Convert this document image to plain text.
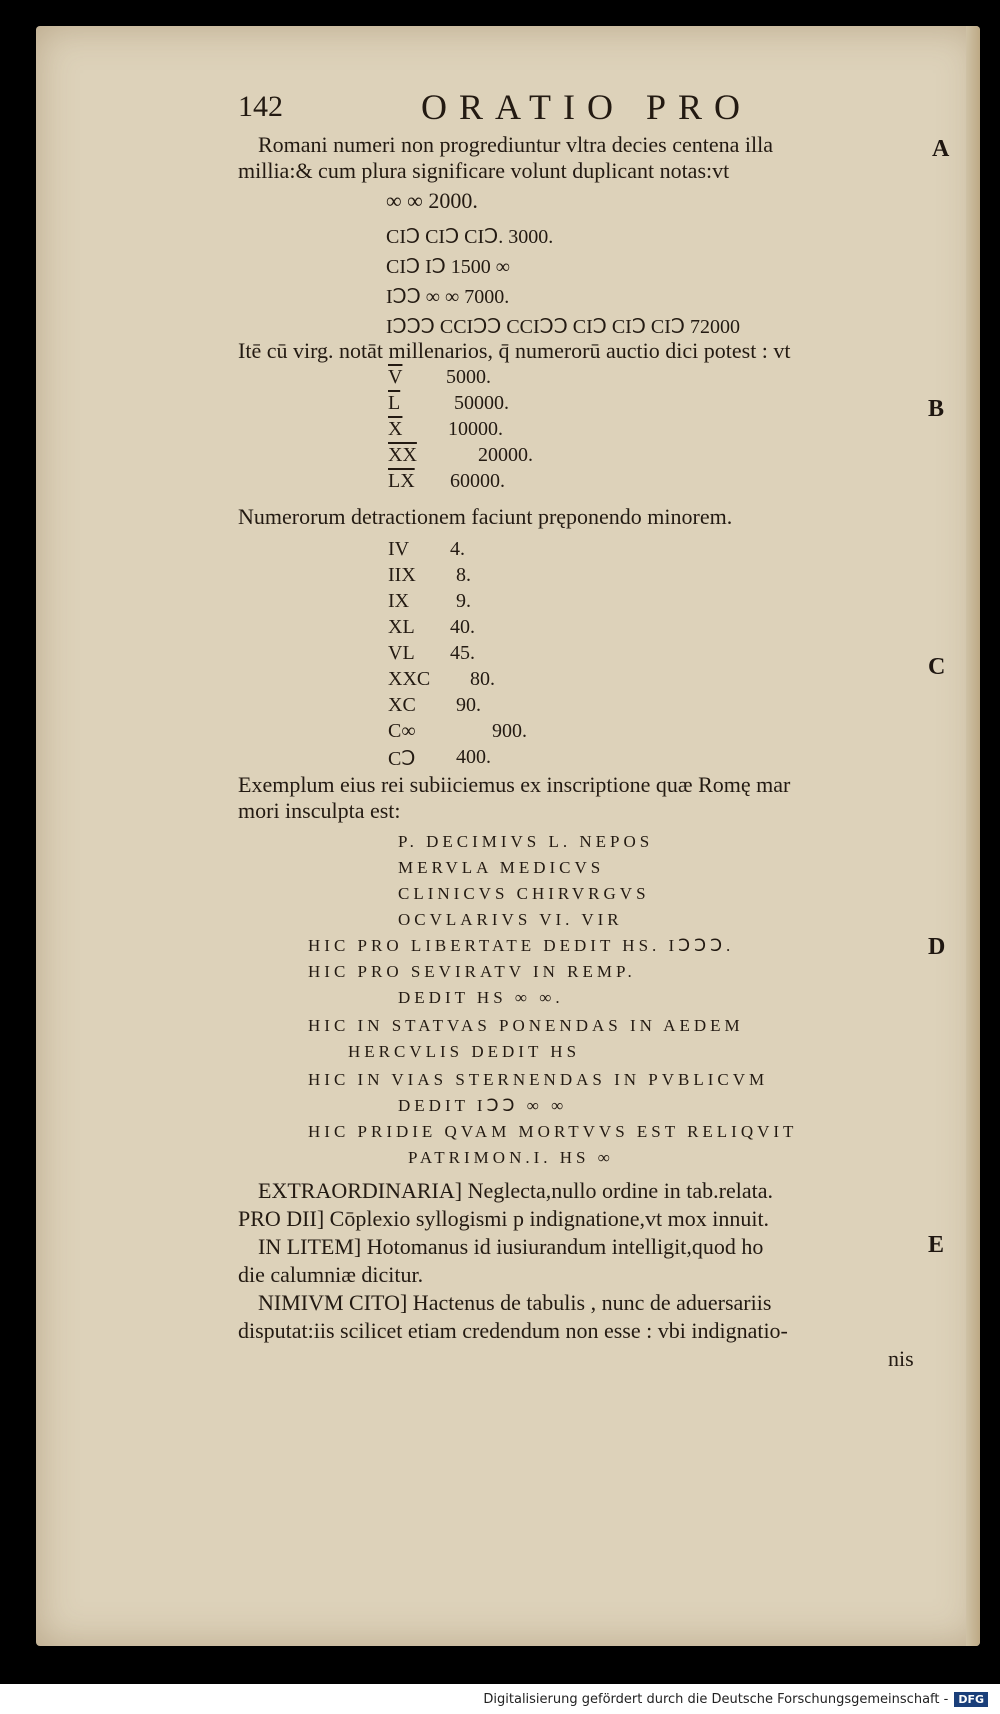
142	ORATIO PRO
Romani numeri non progrediuntur vltra decies centena illa
millia:& cum plura significare volunt duplicant notas:vt
∞ ∞ 2000.
CIↃ CIↃ CIↃ. 3000.
CIↃ IↃ 1500 ∞
IↃↃ ∞ ∞ 7000.
IↃↃↃ CCIↃↃ CCIↃↃ CIↃ CIↃ CIↃ 72000
Itē cū virg. notāt millenarios, q̄ numerorū auctio dici potest : vt
$\overline{V}$ 5000.
$\overline{L}$	50000.
$\overline{X}$ 10000.
$\overline{XX}$	20000.
$\overline{LX}$ 60000.
Numerorum detractionem faciunt pręponendo minorem.
IV 4.
IIX 8.
IX 9.
XL 40.
VL 45.
XXC 80.
XC 90.
C∞	900.
CↃ 400.
Exemplum eius rei subiiciemus ex inscriptione quæ Romę mar
mori insculpta est:
P. DECIMIVS L. NEPOS
MERVLA MEDICVS
CLINICVS CHIRVRGVS
OCVLARIVS VI. VIR
HIC PRO LIBERTATE DEDIT HS. IↃↃↃ.
HIC PRO SEVIRATV IN REMP.
DEDIT HS ∞ ∞.
HIC IN STATVAS PONENDAS IN AEDEM
HERCVLIS DEDIT HS
HIC IN VIAS STERNENDAS IN PVBLICVM
DEDIT IↃↃ ∞ ∞
HIC PRIDIE QVAM MORTVVS EST RELIQVIT
PATRIMON.I. HS ∞
EXTRAORDINARIA] Neglecta,nullo ordine in tab.relata.
PRO DII] Cōplexio syllogismi p indignatione,vt mox innuit.
IN LITEM] Hotomanus id iusiurandum intelligit,quod ho
die calumniæ dicitur.
NIMIVM CITO] Hactenus de tabulis , nunc de aduersariis
disputat:iis scilicet etiam credendum non esse : vbi indignatio-
nis
A
B
C
D
E
Digitalisierung gefördert durch die Deutsche Forschungsgemeinschaft - DFG
